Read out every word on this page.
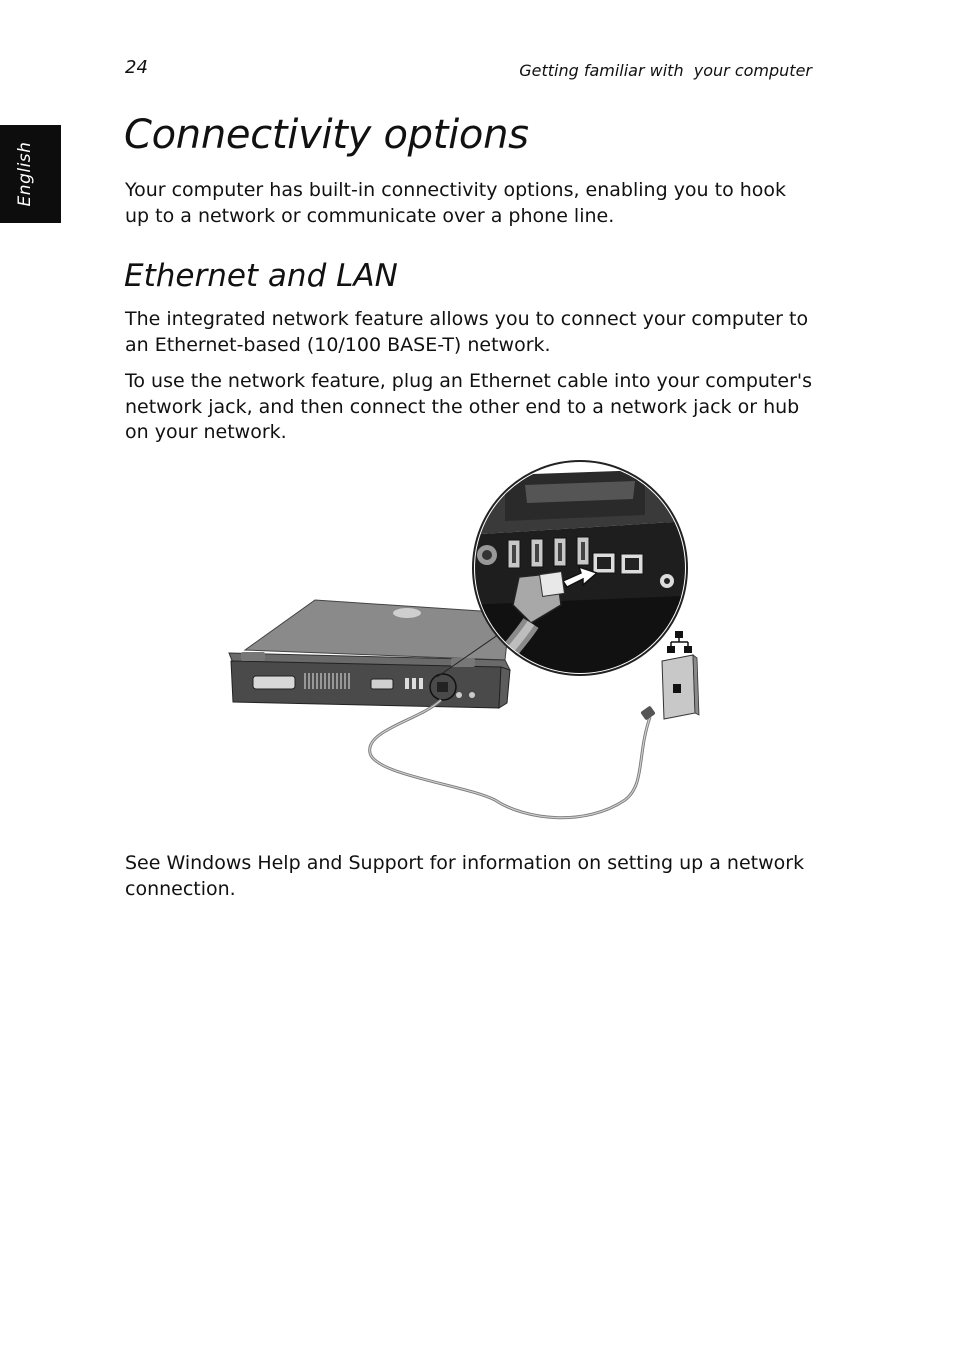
English
24	Getting familiar with  your computer
Connectivity options

Your computer has built-in connectivity options, enabling you to hook up to a network or communicate over a phone line.

Ethernet and LAN

The integrated network feature allows you to connect your computer to an Ethernet-based (10/100 BASE-T) network.

To use the network feature, plug an Ethernet cable into your computer's network jack, and then connect the other end to a network jack or hub on your network.

See Windows Help and Support for information on setting up a network connection.
